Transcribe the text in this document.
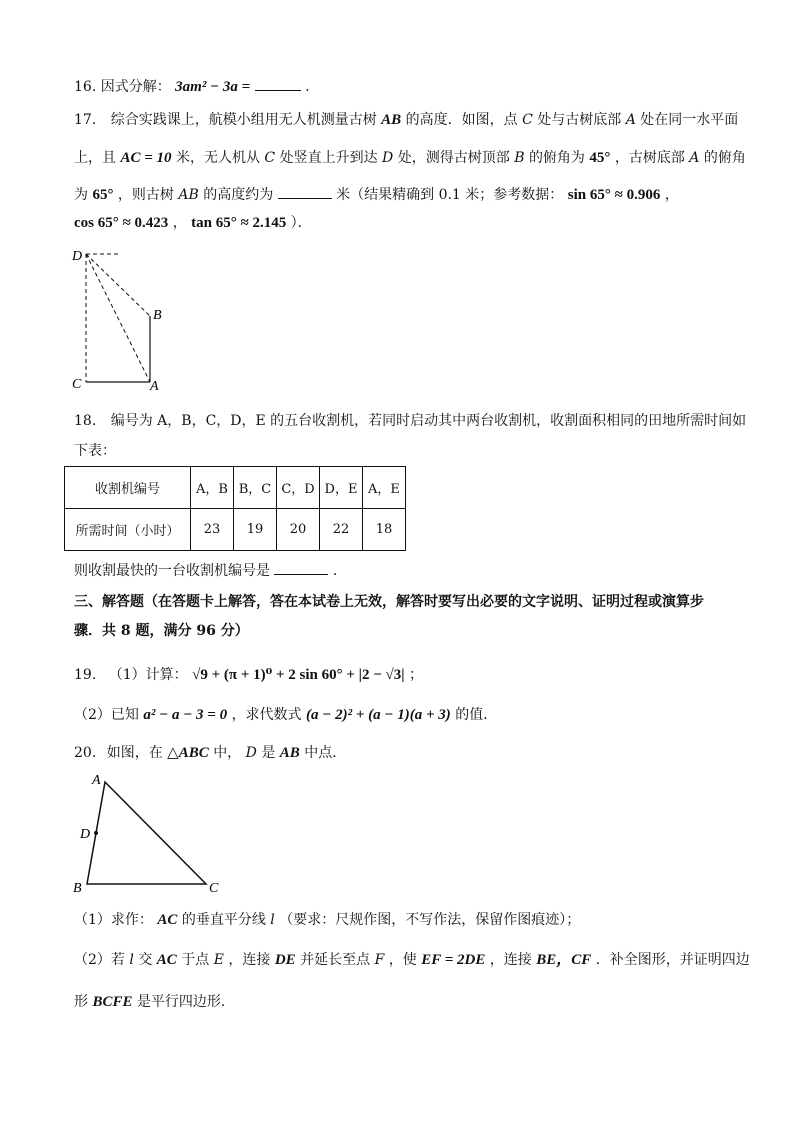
16. 因式分解： 3am² − 3a =	.
17. 综合实践课上，航模小组用无人机测量古树 AB 的高度．如图，点 C 处与古树底部 A 处在同一水平面
上，且 AC = 10 米，无人机从 C 处竖直上升到达 D 处，测得古树顶部 B 的俯角为 45° ，古树底部 A 的俯角
为 65° ，则古树 AB 的高度约为	米（结果精确到 0.1 米；参考数据： sin 65° ≈ 0.906 ，
cos 65° ≈ 0.423 ， tan 65° ≈ 2.145 ）．
D
B
C	A
18. 编号为 A，B，C，D，E 的五台收割机，若同时启动其中两台收割机，收割面积相同的田地所需时间如
下表：
收割机编号	A，B	B，C	C，D	D，E	A，E
所需时间（小时）	23	19	20	22	18
则收割最快的一台收割机编号是	.
三、解答题（在答题卡上解答，答在本试卷上无效，解答时要写出必要的文字说明、证明过程或演算步
骤．共 8 题，满分 96 分）
19. （1）计算： √9 + (π + 1)⁰ + 2 sin 60° + |2 − √3| ；
（2）已知 a² − a − 3 = 0 ，求代数式 (a − 2)² + (a − 1)(a + 3) 的值．
20. 如图，在 △ABC 中， D 是 AB 中点．
A
D
B	C
（1）求作： AC 的垂直平分线 l （要求：尺规作图，不写作法，保留作图痕迹）；
（2）若 l 交 AC 于点 E ，连接 DE 并延长至点 F ，使 EF = 2DE ，连接 BE，CF ．补全图形，并证明四边
形 BCFE 是平行四边形．
